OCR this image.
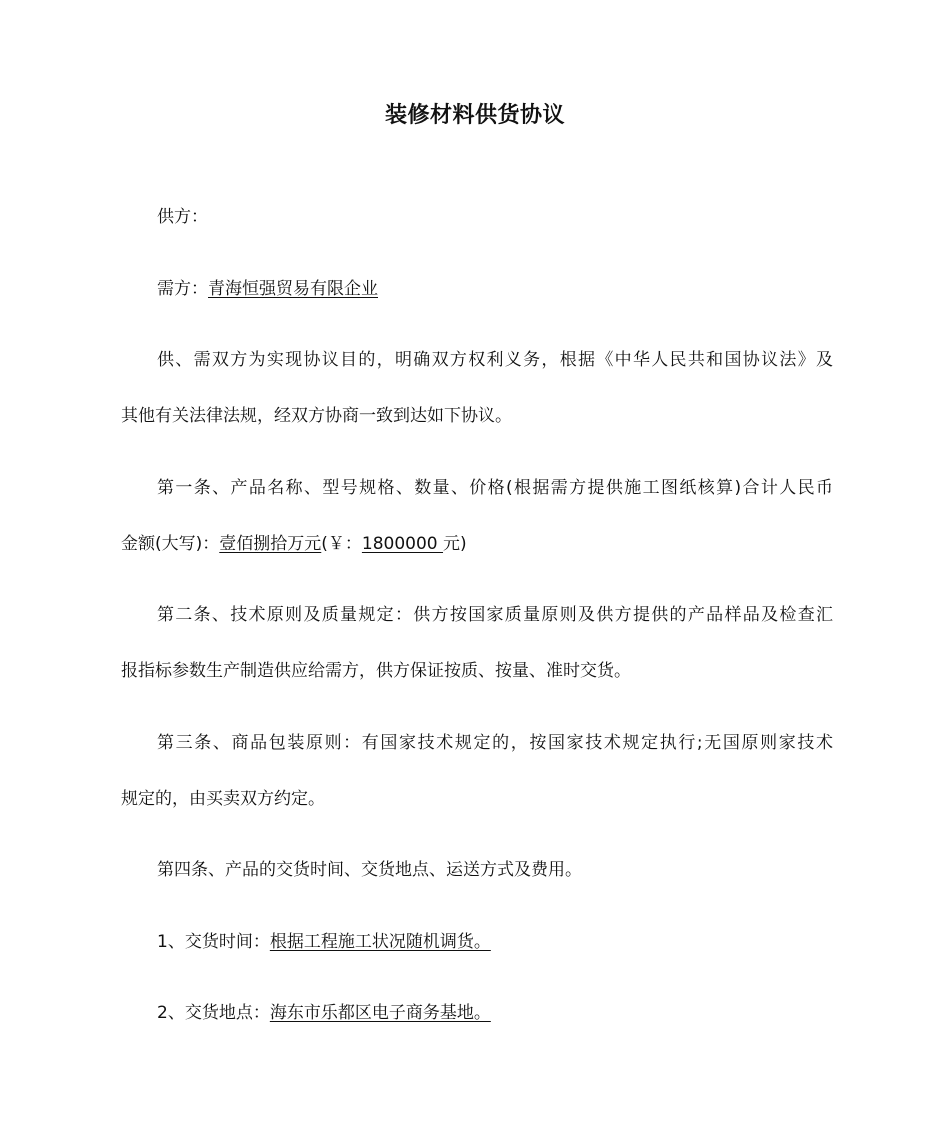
装修材料供货协议
供方：
需方：青海恒强贸易有限企业
供、需双方为实现协议目的，明确双方权利义务，根据《中华人民共和国协议法》及
其他有关法律法规，经双方协商一致到达如下协议。
第一条、产品名称、型号规格、数量、价格(根据需方提供施工图纸核算)合计人民币
金额(大写)：壹佰捌拾万元(￥：1800000 元)
第二条、技术原则及质量规定：供方按国家质量原则及供方提供的产品样品及检查汇
报指标参数生产制造供应给需方，供方保证按质、按量、准时交货。
第三条、商品包装原则：有国家技术规定的，按国家技术规定执行;无国原则家技术
规定的，由买卖双方约定。
第四条、产品的交货时间、交货地点、运送方式及费用。
1、交货时间：根据工程施工状况随机调货。
2、交货地点：海东市乐都区电子商务基地。
